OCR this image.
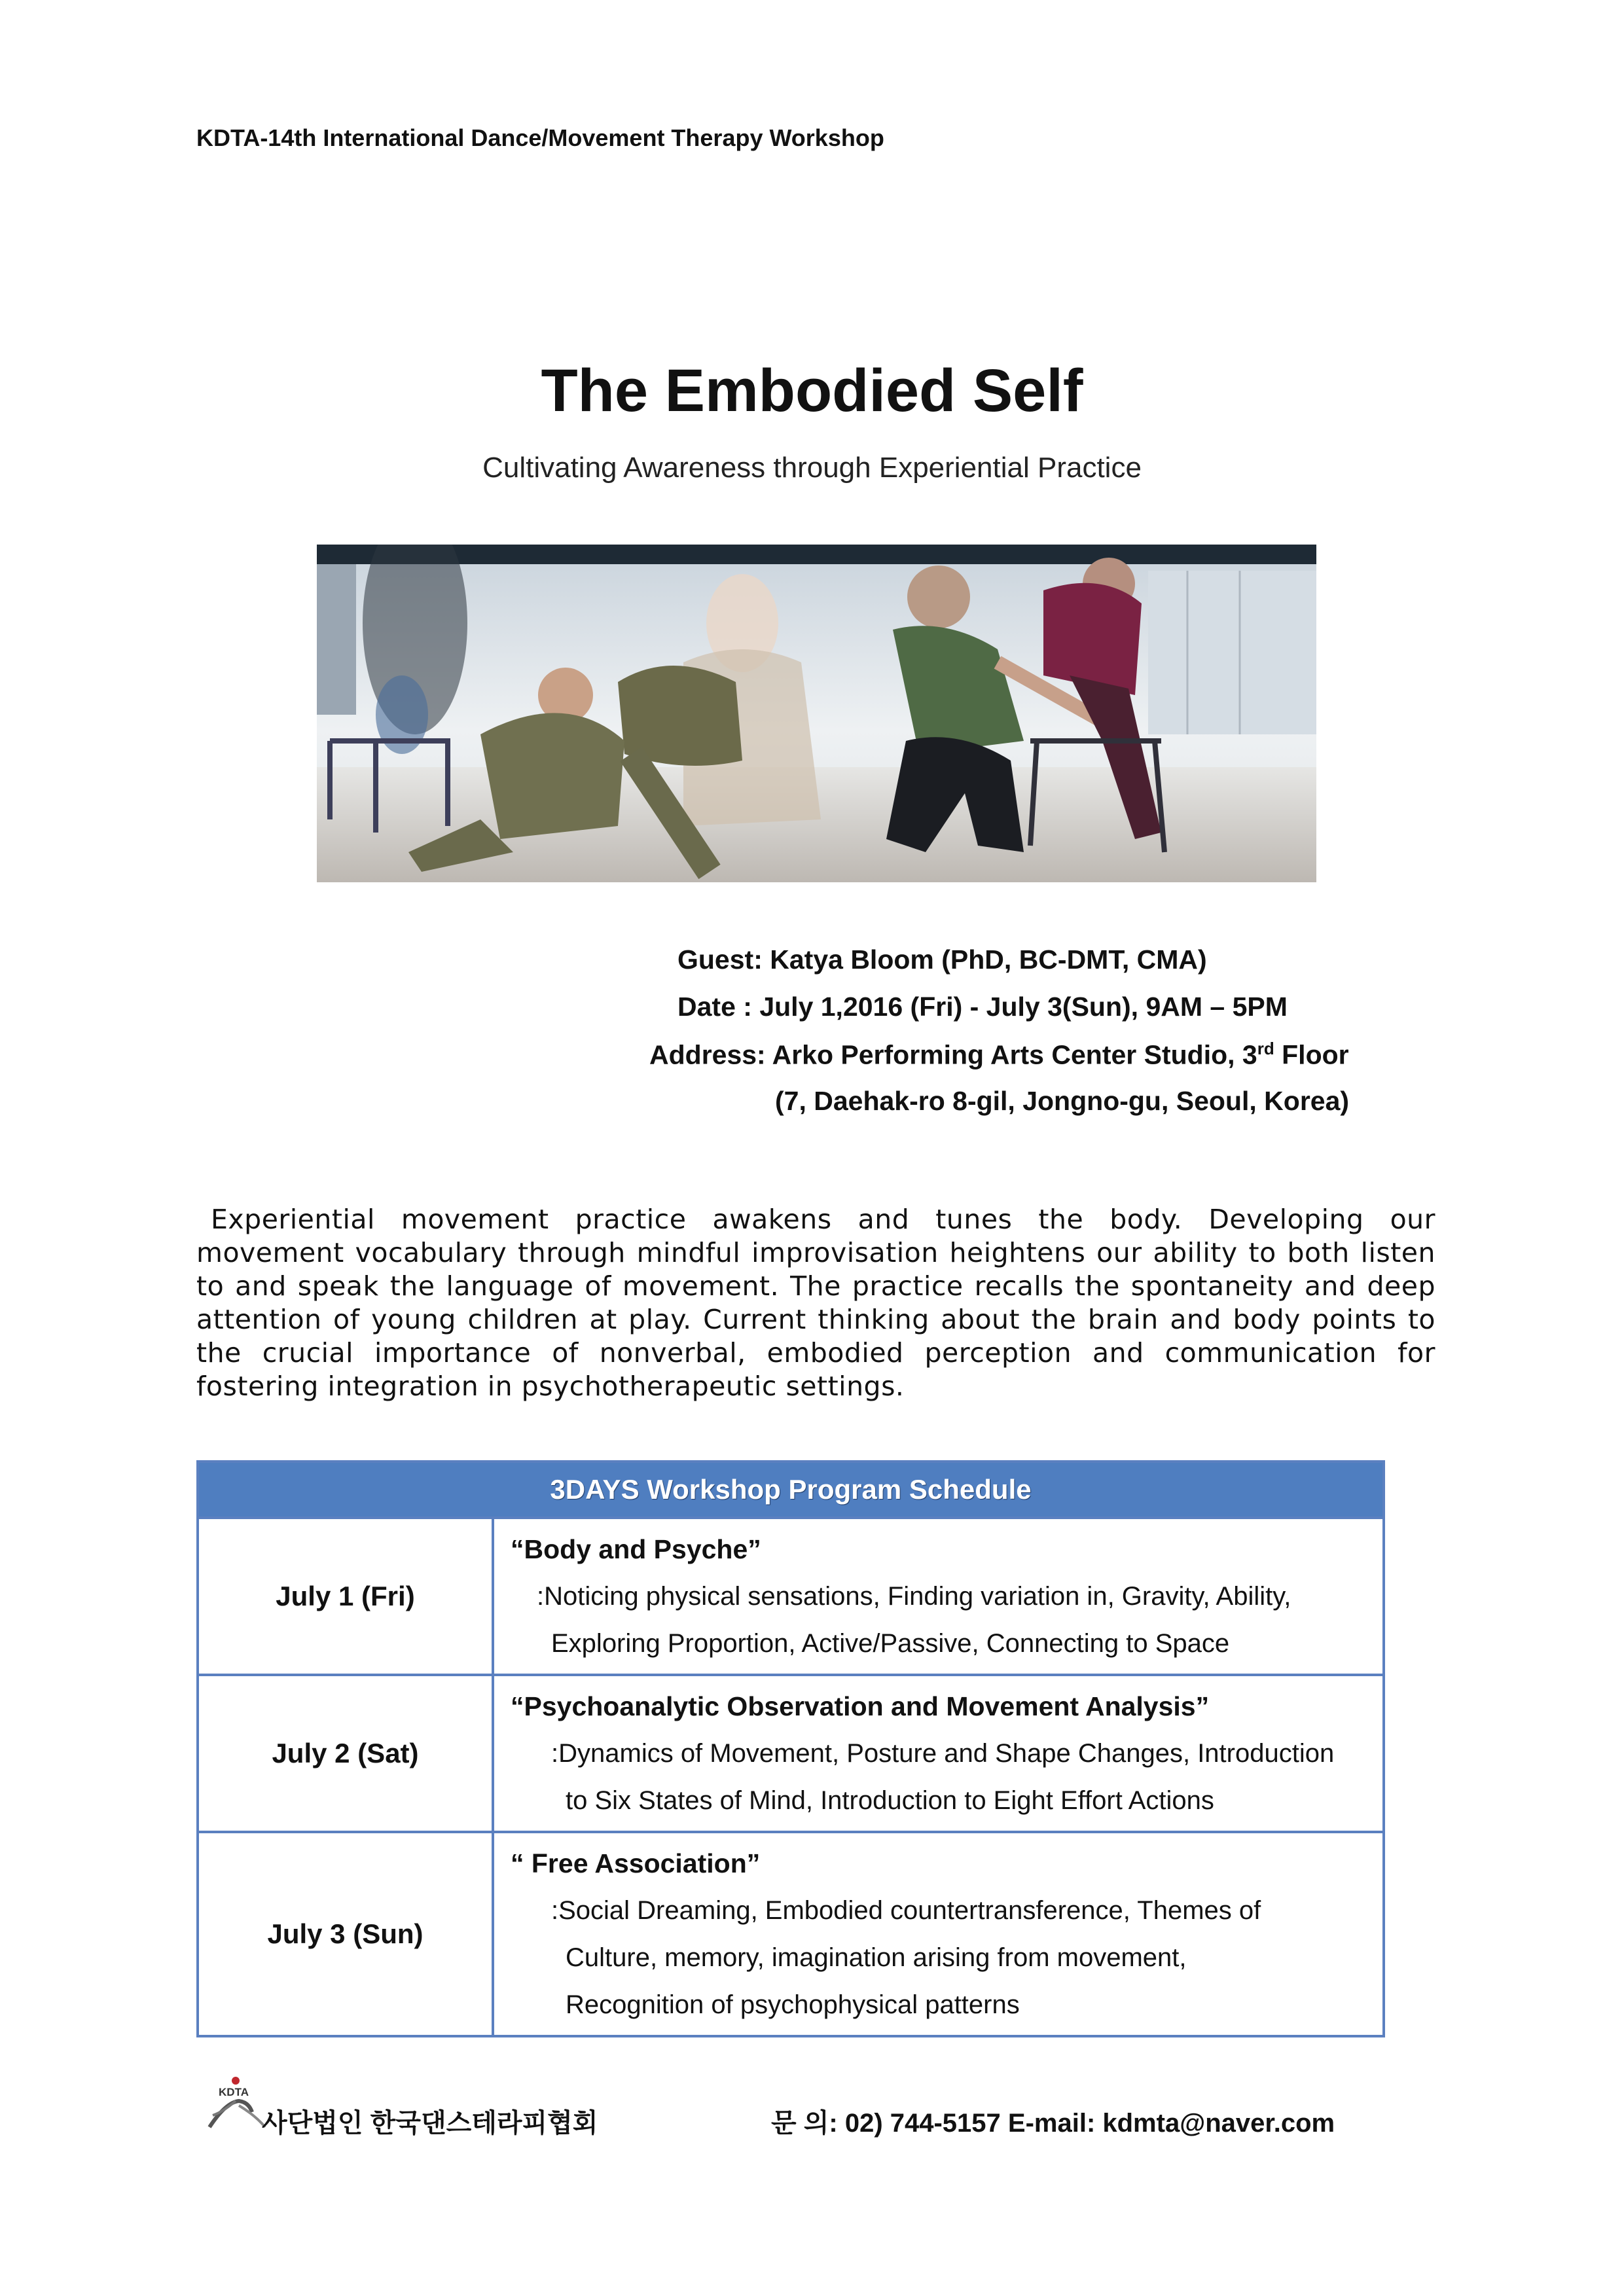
KDTA-14th International Dance/Movement Therapy Workshop
The Embodied Self
Cultivating Awareness through Experiential Practice
Guest: Katya Bloom (PhD, BC-DMT, CMA)
Date : July 1,2016 (Fri) - July 3(Sun), 9AM – 5PM
Address: Arko Performing Arts Center Studio, 3rd Floor
(7, Daehak-ro 8-gil, Jongno-gu, Seoul, Korea)

Experiential movement practice awakens and tunes the body. Developing our movement vocabulary through mindful improvisation heightens our ability to both listen to and speak the language of movement. The practice recalls the spontaneity and deep attention of young children at play. Current thinking about the brain and body points to the crucial importance of nonverbal, embodied perception and communication for fostering integration in psychotherapeutic settings.

3DAYS Workshop Program Schedule	
July 1 (Fri)	“Body and Psyche”
:Noticing physical sensations, Finding variation in, Gravity, Ability,
Exploring Proportion, Active/Passive, Connecting to Space

July 2 (Sat)	“Psychoanalytic Observation and Movement Analysis”
:Dynamics of Movement, Posture and Shape Changes, Introduction
to Six States of Mind, Introduction to Eight Effort Actions

July 3 (Sun)	“ Free Association”
:Social Dreaming, Embodied countertransference, Themes of
Culture, memory, imagination arising from movement,
Recognition of psychophysical patterns
KDTA
사단법인 한국댄스테라피협회	문 의: 02) 744-5157 E-mail: kdmta@naver.com
